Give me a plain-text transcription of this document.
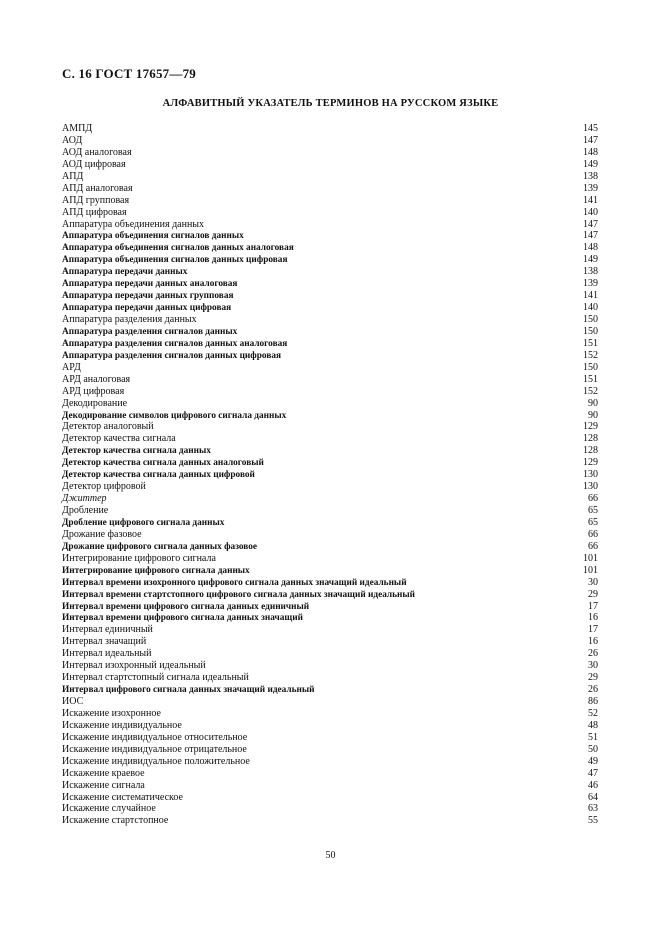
С. 16 ГОСТ 17657—79
АЛФАВИТНЫЙ УКАЗАТЕЛЬ ТЕРМИНОВ НА РУССКОМ ЯЗЫКЕ
АМПД	145
АОД	147
АОД аналоговая	148
АОД цифровая	149
АПД	138
АПД аналоговая	139
АПД групповая	141
АПД цифровая	140
Аппаратура объединения данных	147
Аппаратура объединения сигналов данных	147
Аппаратура объединения сигналов данных аналоговая	148
Аппаратура объединения сигналов данных цифровая	149
Аппаратура передачи данных	138
Аппаратура передачи данных аналоговая	139
Аппаратура передачи данных групповая	141
Аппаратура передачи данных цифровая	140
Аппаратура разделения данных	150
Аппаратура разделения сигналов данных	150
Аппаратура разделения сигналов данных аналоговая	151
Аппаратура разделения сигналов данных цифровая	152
АРД	150
АРД аналоговая	151
АРД цифровая	152
Декодирование	90
Декодирование символов цифрового сигнала данных	90
Детектор аналоговый	129
Детектор качества сигнала	128
Детектор качества сигнала данных	128
Детектор качества сигнала данных аналоговый	129
Детектор качества сигнала данных цифровой	130
Детектор цифровой	130
Джиттер	66
Дробление	65
Дробление цифрового сигнала данных	65
Дрожание фазовое	66
Дрожание цифрового сигнала данных фазовое	66
Интегрирование цифрового сигнала	101
Интегрирование цифрового сигнала данных	101
Интервал времени изохронного цифрового сигнала данных значащий идеальный	30
Интервал времени стартстопного цифрового сигнала данных значащий идеальный	29
Интервал времени цифрового сигнала данных единичный	17
Интервал времени цифрового сигнала данных значащий	16
Интервал единичный	17
Интервал значащий	16
Интервал идеальный	26
Интервал изохронный идеальный	30
Интервал стартстопный сигнала идеальный	29
Интервал цифрового сигнала данных значащий идеальный	26
ИОС	86
Искажение изохронное	52
Искажение индивидуальное	48
Искажение индивидуальное относительное	51
Искажение индивидуальное отрицательное	50
Искажение индивидуальное положительное	49
Искажение краевое	47
Искажение сигнала	46
Искажение систематическое	64
Искажение случайное	63
Искажение стартстопное	55
50
